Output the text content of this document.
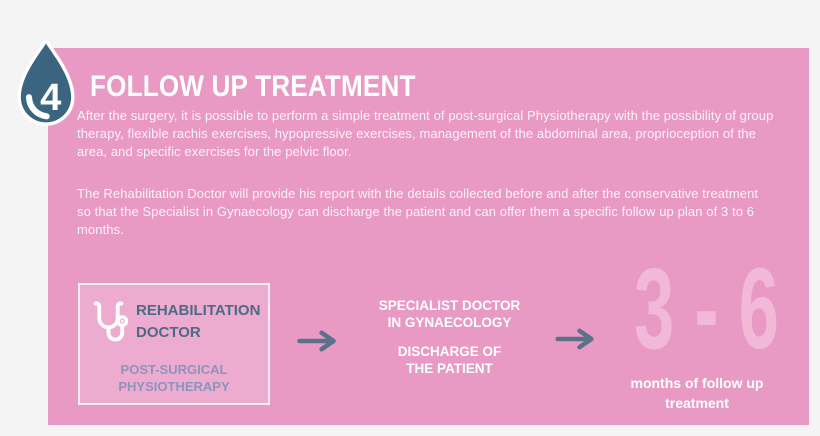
4 FOLLOW UP TREATMENT

After the surgery, it is possible to perform a simple treatment of post-surgical Physiotherapy with the possibility of group therapy, flexible rachis exercises, hypopressive exercises, management of the abdominal area, proprioception of the area, and specific exercises for the pelvic floor.

The Rehabilitation Doctor will provide his report with the details collected before and after the conservative treatment so that the Specialist in Gynaecology can discharge the patient and can offer them a specific follow up plan of 3 to 6 months.

REHABILITATION DOCTOR
POST-SURGICAL PHYSIOTHERAPY
SPECIALIST DOCTOR
IN GYNAECOLOGY
DISCHARGE OF
THE PATIENT	3 - 6
months of follow up treatment
